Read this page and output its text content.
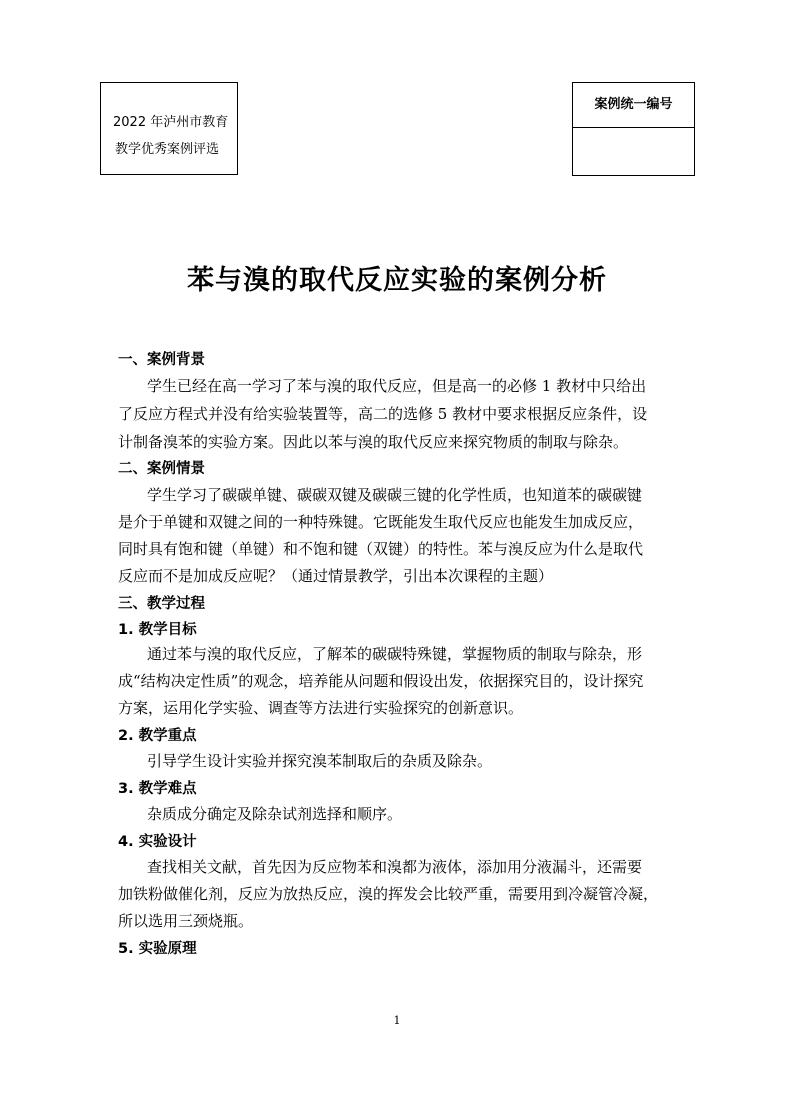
2022 年泸州市教育
教学优秀案例评选
案例统一编号
苯与溴的取代反应实验的案例分析
一、案例背景
学生已经在高一学习了苯与溴的取代反应，但是高一的必修 1 教材中只给出
了反应方程式并没有给实验装置等，高二的选修 5 教材中要求根据反应条件，设
计制备溴苯的实验方案。因此以苯与溴的取代反应来探究物质的制取与除杂。
二、案例情景
学生学习了碳碳单键、碳碳双键及碳碳三键的化学性质，也知道苯的碳碳键
是介于单键和双键之间的一种特殊键。它既能发生取代反应也能发生加成反应，
同时具有饱和键（单键）和不饱和键（双键）的特性。苯与溴反应为什么是取代
反应而不是加成反应呢？（通过情景教学，引出本次课程的主题）
三、教学过程
1. 教学目标
通过苯与溴的取代反应，了解苯的碳碳特殊键，掌握物质的制取与除杂，形
成“结构决定性质”的观念，培养能从问题和假设出发，依据探究目的，设计探究
方案，运用化学实验、调查等方法进行实验探究的创新意识。
2. 教学重点
引导学生设计实验并探究溴苯制取后的杂质及除杂。
3. 教学难点
杂质成分确定及除杂试剂选择和顺序。
4. 实验设计
查找相关文献，首先因为反应物苯和溴都为液体，添加用分液漏斗，还需要
加铁粉做催化剂，反应为放热反应，溴的挥发会比较严重，需要用到冷凝管冷凝，
所以选用三颈烧瓶。
5. 实验原理
1
